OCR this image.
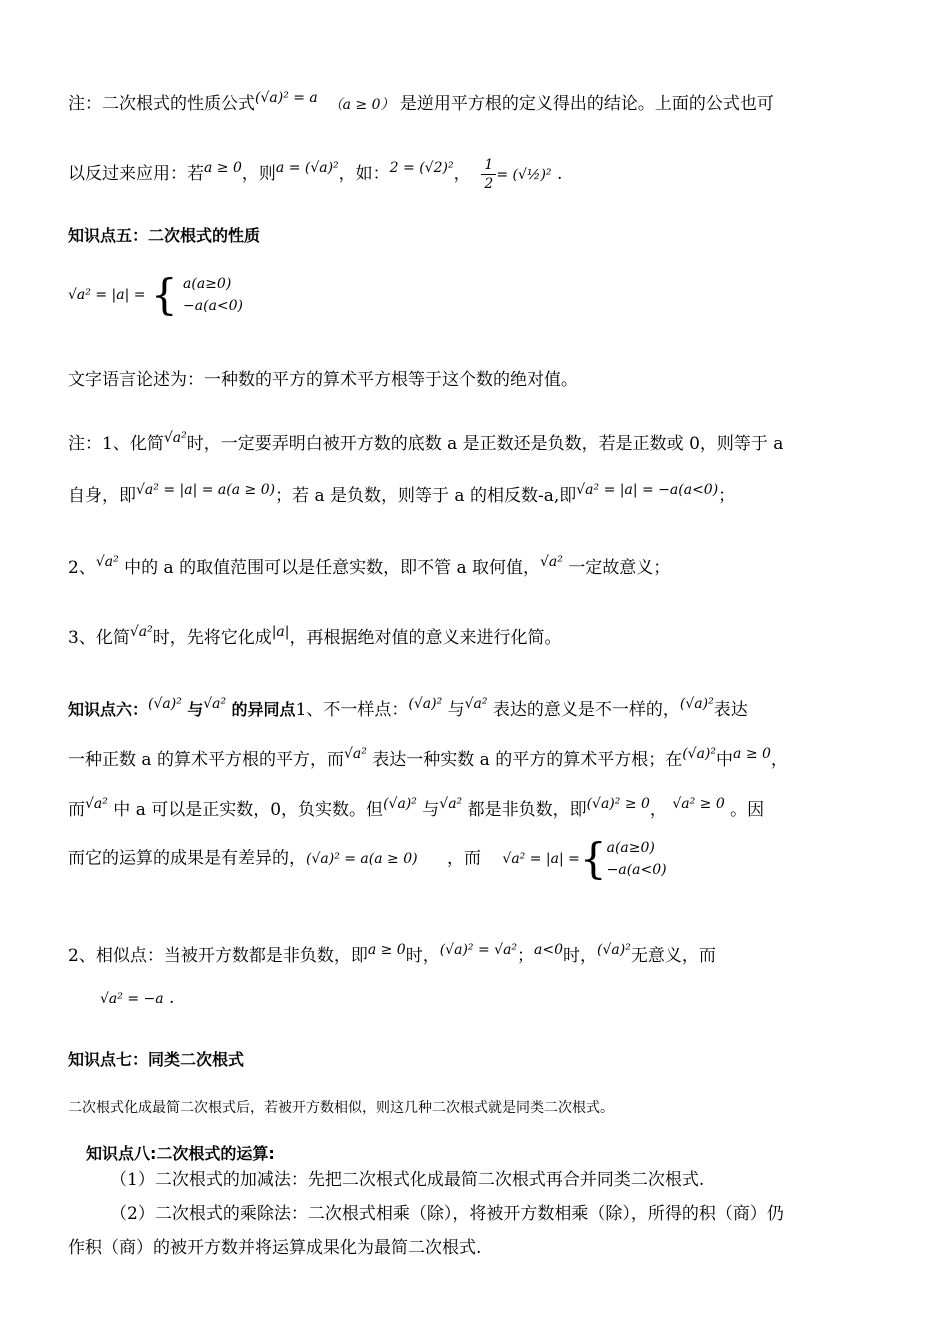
注：二次根式的性质公式(√a)² = a （a ≥ 0） 是逆用平方根的定义得出的结论。上面的公式也可
以反过来应用：若a ≥ 0，则a = (√a)²，如：2 = (√2)²， $\frac{1}{2}$ = (√½)² .
知识点五：二次根式的性质
√a² = |a| = { a(a≥0)
−a(a<0)
文字语言论述为：一种数的平方的算术平方根等于这个数的绝对值。
注：1、化简√a²时，一定要弄明白被开方数的底数 a 是正数还是负数，若是正数或 0，则等于 a
自身，即√a² = |a| = a(a ≥ 0)；若 a 是负数，则等于 a 的相反数-a,即√a² = |a| = −a(a<0)；
2、√a² 中的 a 的取值范围可以是任意实数，即不管 a 取何值，√a² 一定故意义；
3、化简√a²时，先将它化成|a|，再根据绝对值的意义来进行化简。
知识点六：(√a)² 与√a² 的异同点1、不一样点：(√a)² 与√a² 表达的意义是不一样的，(√a)²表达
一种正数 a 的算术平方根的平方，而√a² 表达一种实数 a 的平方的算术平方根；在(√a)²中a ≥ 0，
而√a² 中 a 可以是正实数，0，负实数。但(√a)² 与√a² 都是非负数，即(√a)² ≥ 0， √a² ≥ 0 。因
而它的运算的成果是有差异的，(√a)² = a(a ≥ 0) ，而 √a² = |a| ={ a(a≥0)
−a(a<0)
2、相似点：当被开方数都是非负数，即a ≥ 0时，(√a)² = √a²；a<0时，(√a)²无意义，而
√a² = −a .
知识点七：同类二次根式
二次根式化成最简二次根式后，若被开方数相似，则这几种二次根式就是同类二次根式。
知识点八:二次根式的运算:
（1）二次根式的加减法：先把二次根式化成最简二次根式再合并同类二次根式.
（2）二次根式的乘除法：二次根式相乘（除），将被开方数相乘（除），所得的积（商）仍
作积（商）的被开方数并将运算成果化为最简二次根式.
